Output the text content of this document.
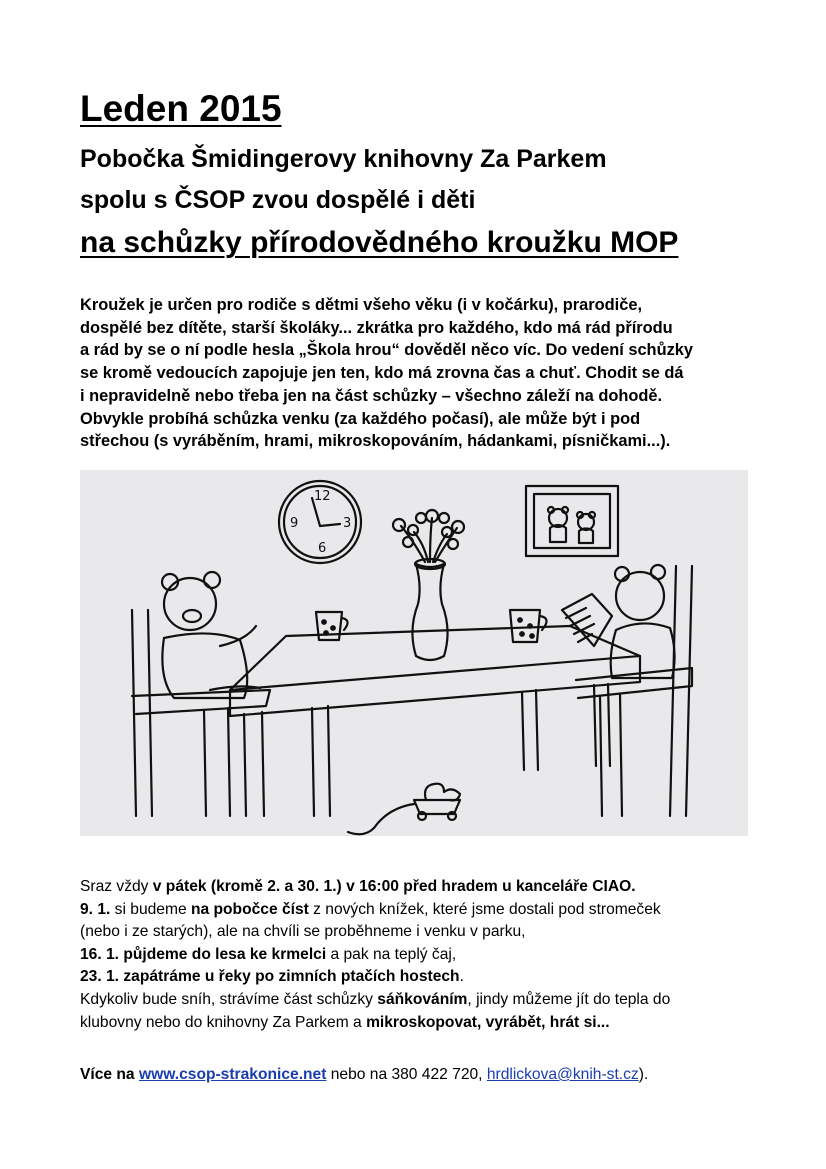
Leden 2015
Pobočka Šmidingerovy knihovny Za Parkem
spolu s ČSOP zvou dospělé i děti
na schůzky přírodovědného kroužku MOP

Kroužek je určen pro rodiče s dětmi všeho věku (i v kočárku), prarodiče,
dospělé bez dítěte, starší školáky... zkrátka pro každého, kdo má rád přírodu
a rád by se o ní podle hesla „Škola hrou“ dověděl něco víc. Do vedení schůzky
se kromě vedoucích zapojuje jen ten, kdo má zrovna čas a chuť. Chodit se dá
i nepravidelně nebo třeba jen na část schůzky – všechno záleží na dohodě.
Obvykle probíhá schůzka venku (za každého počasí), ale může být i pod
střechou (s vyráběním, hrami, mikroskopováním, hádankami, písničkami...).

12
3
6
9
Sraz vždy v pátek (kromě 2. a 30. 1.) v 16:00 před hradem u kanceláře CIAO.
9. 1. si budeme na pobočce číst z nových knížek, které jsme dostali pod stromeček
(nebo i ze starých), ale na chvíli se proběhneme i venku v parku,
16. 1. půjdeme do lesa ke krmelci a pak na teplý čaj,
23. 1. zapátráme u řeky po zimních ptačích hostech.
Kdykoliv bude sníh, strávíme část schůzky sáňkováním, jindy můžeme jít do tepla do
klubovny nebo do knihovny Za Parkem a mikroskopovat, vyrábět, hrát si...

Více na www.csop-strakonice.net nebo na 380 422 720, hrdlickova@knih-st.cz).
